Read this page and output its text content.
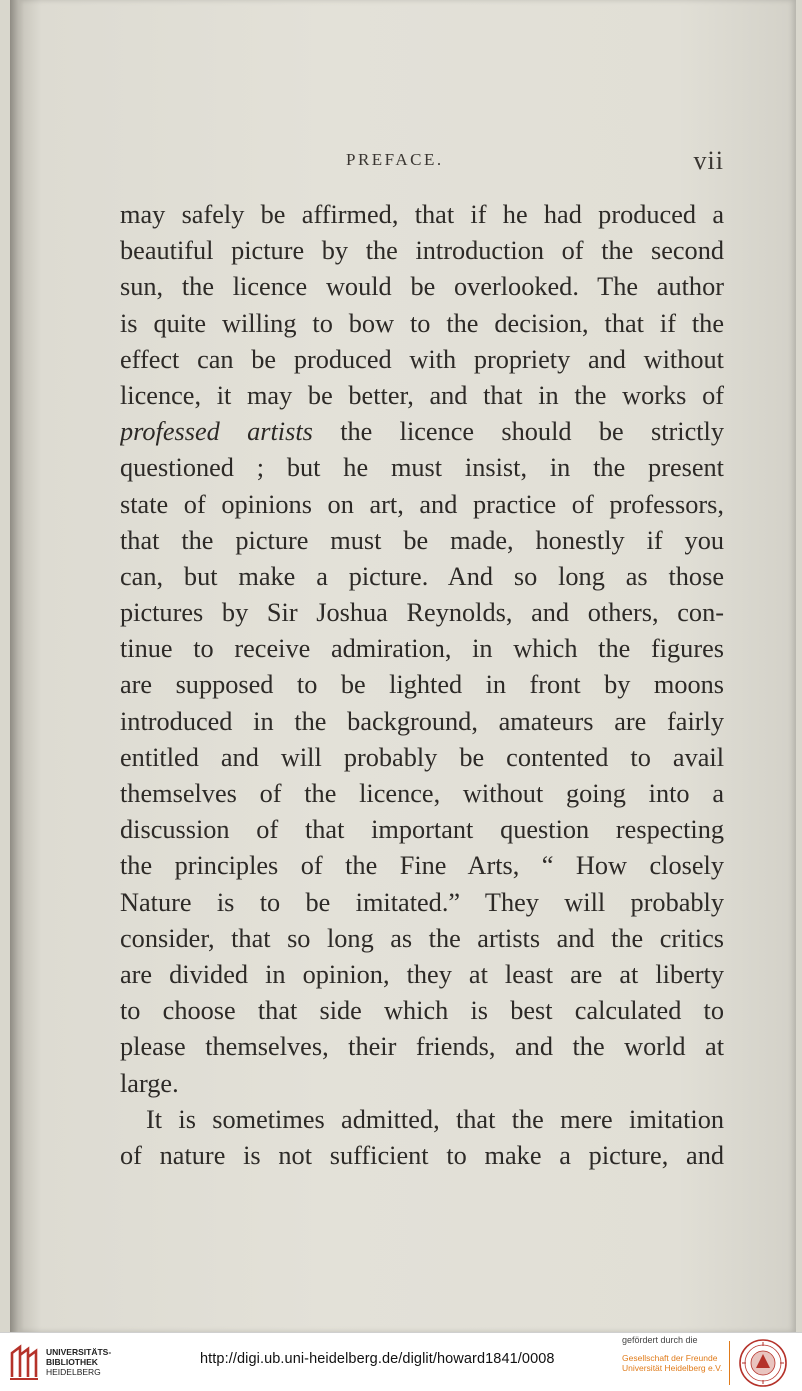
PREFACE.	vii
may safely be affirmed, that if he had produced a
beautiful picture by the introduction of the second
sun, the licence would be overlooked. The author
is quite willing to bow to the decision, that if the
effect can be produced with propriety and without
licence, it may be better, and that in the works of
professed artists the licence should be strictly
questioned ; but he must insist, in the present
state of opinions on art, and practice of professors,
that the picture must be made, honestly if you
can, but make a picture. And so long as those
pictures by Sir Joshua Reynolds, and others, con-
tinue to receive admiration, in which the figures
are supposed to be lighted in front by moons
introduced in the background, amateurs are fairly
entitled and will probably be contented to avail
themselves of the licence, without going into a
discussion of that important question respecting
the principles of the Fine Arts, “ How closely
Nature is to be imitated.” They will probably
consider, that so long as the artists and the critics
are divided in opinion, they at least are at liberty
to choose that side which is best calculated to
please themselves, their friends, and the world at
large.
It is sometimes admitted, that the mere imitation
of nature is not sufficient to make a picture, and
UNIVERSITÄTS-
BIBLIOTHEK
HEIDELBERG
http://digi.ub.uni-heidelberg.de/diglit/howard1841/0008
gefördert durch die
Gesellschaft der Freunde
Universität Heidelberg e.V.
